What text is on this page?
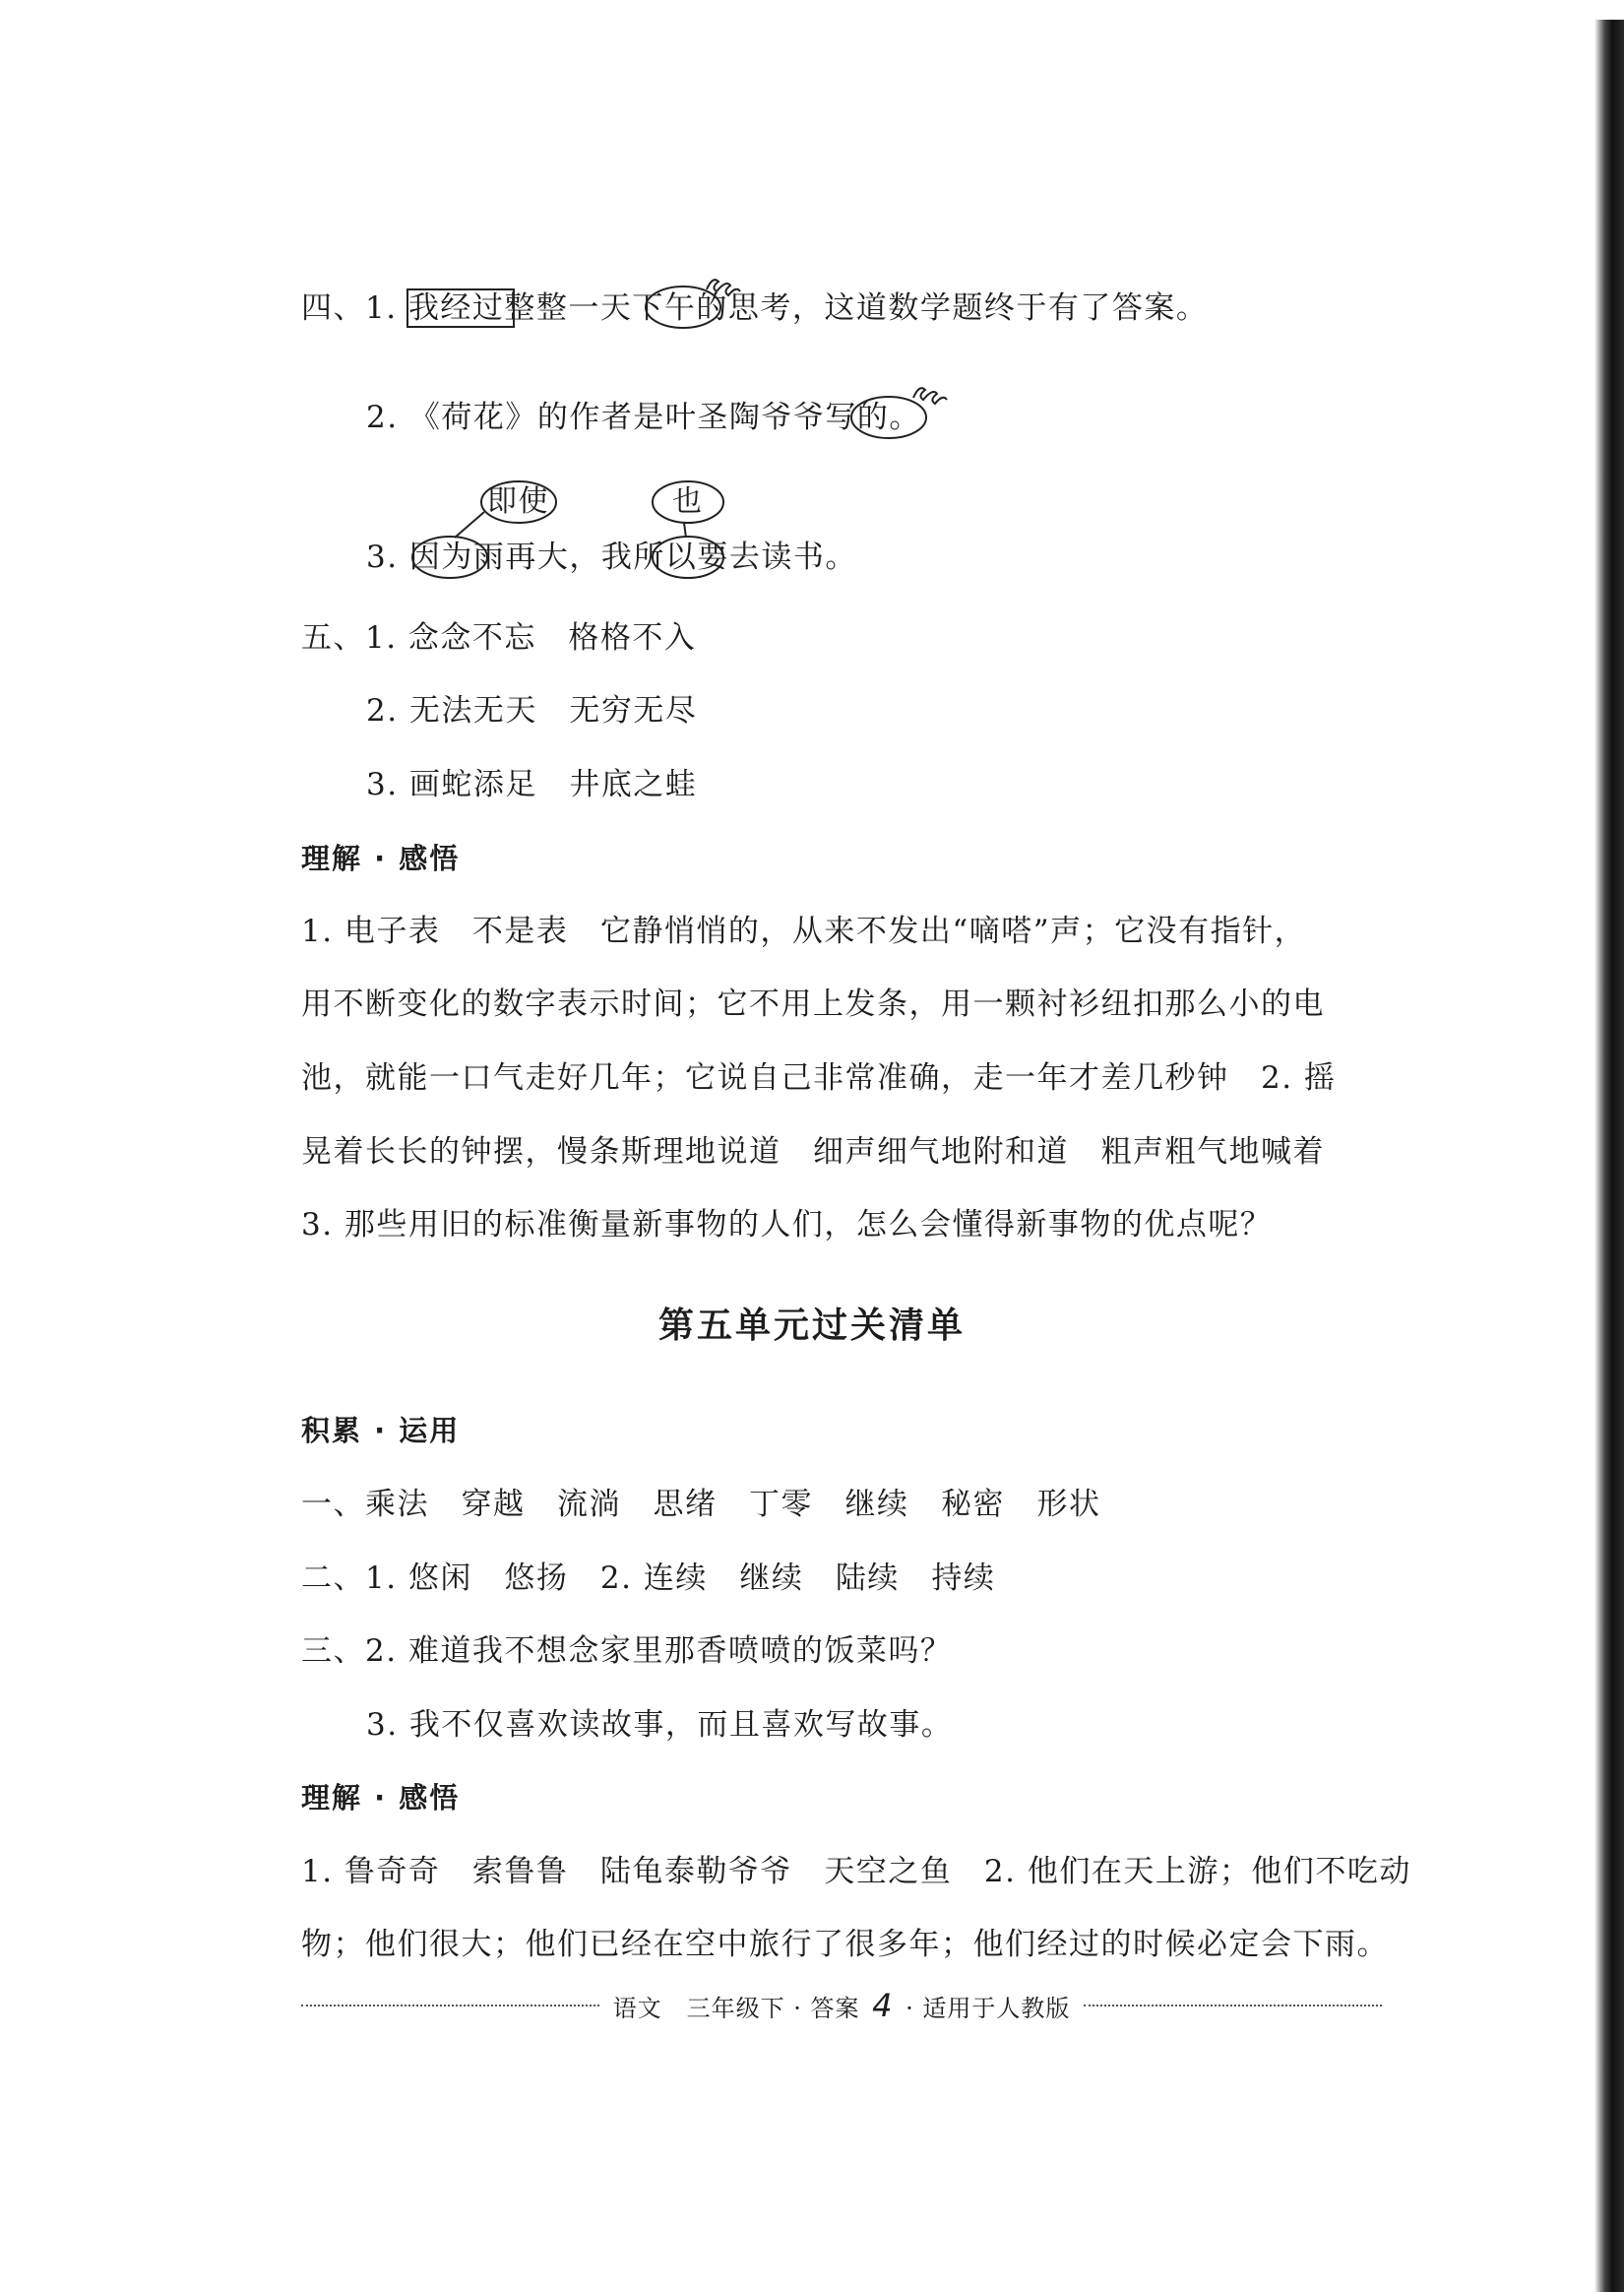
四、1. 我经过整整一天下午的思考，这道数学题终于有了答案。
2. 《荷花》的作者是叶圣陶爷爷写的。
3. 因为雨再大，我所以要去读书。
即使	也
五、1. 念念不忘　格格不入
2. 无法无天　无穷无尽
3. 画蛇添足　井底之蛙
理解 · 感悟
1. 电子表　不是表　它静悄悄的，从来不发出“嘀嗒”声；它没有指针，
用不断变化的数字表示时间；它不用上发条，用一颗衬衫纽扣那么小的电
池，就能一口气走好几年；它说自己非常准确，走一年才差几秒钟　2. 摇
晃着长长的钟摆，慢条斯理地说道　细声细气地附和道　粗声粗气地喊着
3. 那些用旧的标准衡量新事物的人们，怎么会懂得新事物的优点呢？
第五单元过关清单
积累 · 运用
一、乘法　穿越　流淌　思绪　丁零　继续　秘密　形状
二、1. 悠闲　悠扬　2. 连续　继续　陆续　持续
三、2. 难道我不想念家里那香喷喷的饭菜吗？
3. 我不仅喜欢读故事，而且喜欢写故事。
理解 · 感悟
1. 鲁奇奇　索鲁鲁　陆龟泰勒爷爷　天空之鱼　2. 他们在天上游；他们不吃动
物；他们很大；他们已经在空中旅行了很多年；他们经过的时候必定会下雨。
语文　三年级下 · 答案 4 · 适用于人教版
